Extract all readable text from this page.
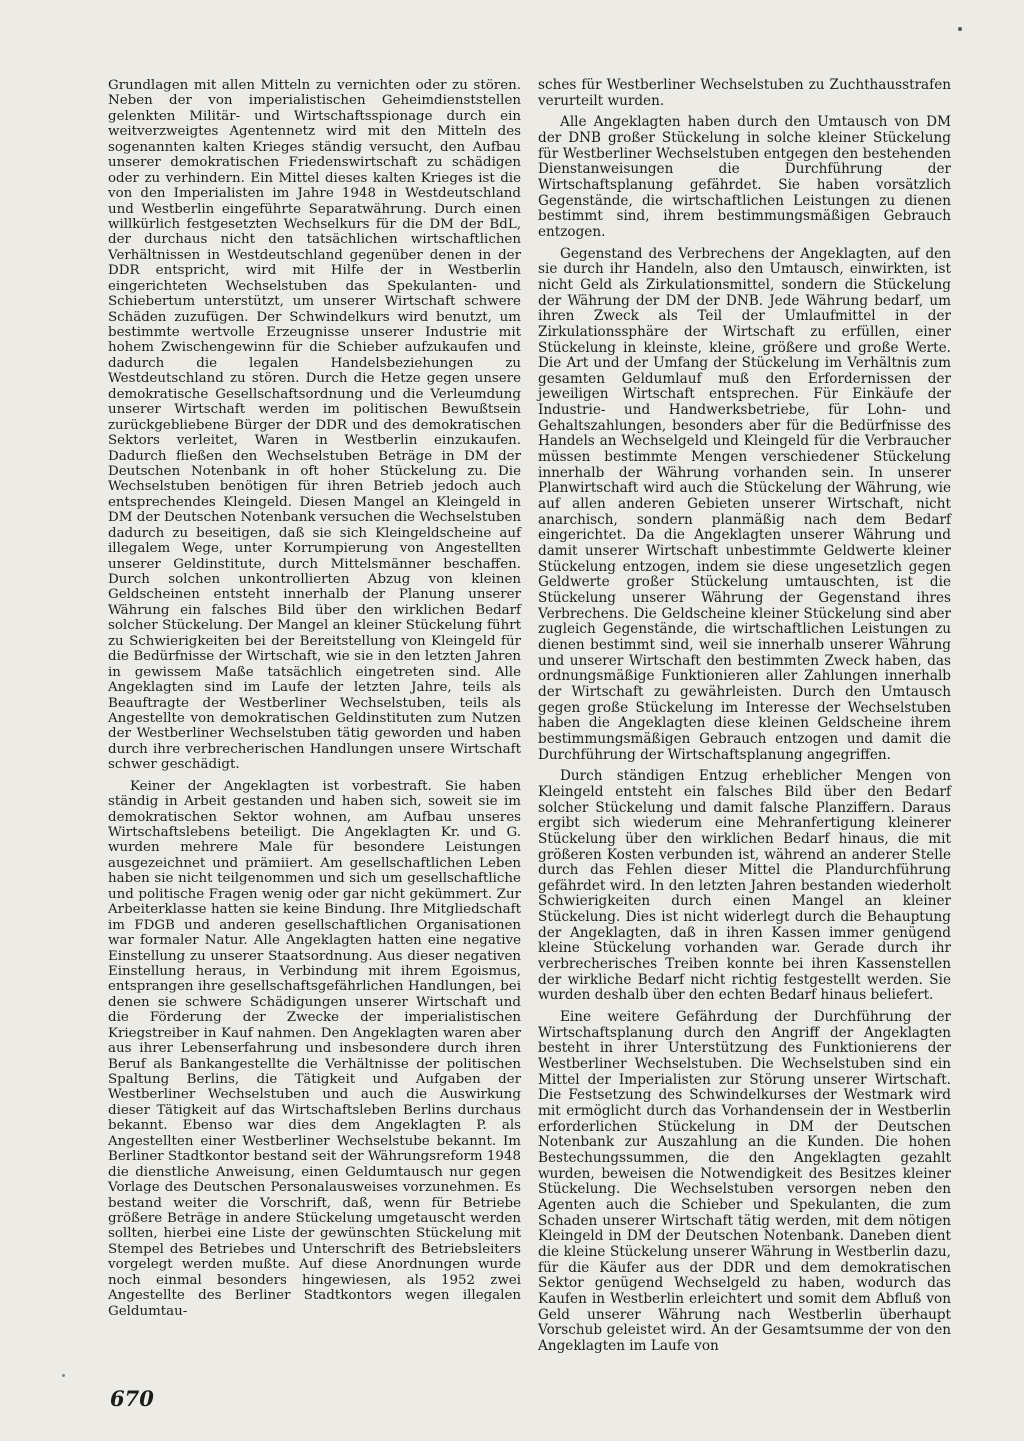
Grundlagen mit allen Mitteln zu vernichten oder zu stören. Neben der von imperialistischen Geheimdienststellen gelenkten Militär- und Wirtschaftsspionage durch ein weitverzweigtes Agentennetz wird mit den Mitteln des sogenannten kalten Krieges ständig versucht, den Aufbau unserer demokratischen Friedenswirtschaft zu schädigen oder zu verhindern. Ein Mittel dieses kalten Krieges ist die von den Imperialisten im Jahre 1948 in Westdeutschland und Westberlin eingeführte Separatwährung. Durch einen willkürlich festgesetzten Wechselkurs für die DM der BdL, der durchaus nicht den tatsächlichen wirtschaftlichen Verhältnissen in Westdeutschland gegenüber denen in der DDR entspricht, wird mit Hilfe der in Westberlin eingerichteten Wechselstuben das Spekulanten- und Schiebertum unterstützt, um unserer Wirtschaft schwere Schäden zuzufügen. Der Schwindelkurs wird benutzt, um bestimmte wertvolle Erzeugnisse unserer Industrie mit hohem Zwischengewinn für die Schieber aufzukaufen und dadurch die legalen Handelsbeziehungen zu Westdeutschland zu stören. Durch die Hetze gegen unsere demokratische Gesellschaftsordnung und die Verleumdung unserer Wirtschaft werden im politischen Bewußtsein zurückgebliebene Bürger der DDR und des demokratischen Sektors verleitet, Waren in Westberlin einzukaufen. Dadurch fließen den Wechselstuben Beträge in DM der Deutschen Notenbank in oft hoher Stückelung zu. Die Wechselstuben benötigen für ihren Betrieb jedoch auch entsprechendes Kleingeld. Diesen Mangel an Kleingeld in DM der Deutschen Notenbank versuchen die Wechselstuben dadurch zu beseitigen, daß sie sich Kleingeldscheine auf illegalem Wege, unter Korrumpierung von Angestellten unserer Geldinstitute, durch Mittelsmänner beschaffen. Durch solchen unkontrollierten Abzug von kleinen Geldscheinen entsteht innerhalb der Planung unserer Währung ein falsches Bild über den wirklichen Bedarf solcher Stückelung. Der Mangel an kleiner Stückelung führt zu Schwierigkeiten bei der Bereitstellung von Kleingeld für die Bedürfnisse der Wirtschaft, wie sie in den letzten Jahren in gewissem Maße tatsächlich eingetreten sind. Alle Angeklagten sind im Laufe der letzten Jahre, teils als Beauftragte der Westberliner Wechselstuben, teils als Angestellte von demokratischen Geldinstituten zum Nutzen der Westberliner Wechselstuben tätig geworden und haben durch ihre verbrecherischen Handlungen unsere Wirtschaft schwer geschädigt.

Keiner der Angeklagten ist vorbestraft. Sie haben ständig in Arbeit gestanden und haben sich, soweit sie im demokratischen Sektor wohnen, am Aufbau unseres Wirtschaftslebens beteiligt. Die Angeklagten Kr. und G. wurden mehrere Male für besondere Leistungen ausgezeichnet und prämiiert. Am gesellschaftlichen Leben haben sie nicht teilgenommen und sich um gesellschaftliche und politische Fragen wenig oder gar nicht gekümmert. Zur Arbeiterklasse hatten sie keine Bindung. Ihre Mitgliedschaft im FDGB und anderen gesellschaftlichen Organisationen war formaler Natur. Alle Angeklagten hatten eine negative Einstellung zu unserer Staatsordnung. Aus dieser negativen Einstellung heraus, in Verbindung mit ihrem Egoismus, entsprangen ihre gesellschaftsgefährlichen Handlungen, bei denen sie schwere Schädigungen unserer Wirtschaft und die Förderung der Zwecke der imperialistischen Kriegstreiber in Kauf nahmen. Den Angeklagten waren aber aus ihrer Lebenserfahrung und insbesondere durch ihren Beruf als Bankangestellte die Verhältnisse der politischen Spaltung Berlins, die Tätigkeit und Aufgaben der Westberliner Wechselstuben und auch die Auswirkung dieser Tätigkeit auf das Wirtschaftsleben Berlins durchaus bekannt. Ebenso war dies dem Angeklagten P. als Angestellten einer Westberliner Wechselstube bekannt. Im Berliner Stadtkontor bestand seit der Währungsreform 1948 die dienstliche Anweisung, einen Geldumtausch nur gegen Vorlage des Deutschen Personalausweises vorzunehmen. Es bestand weiter die Vorschrift, daß, wenn für Betriebe größere Beträge in andere Stückelung umgetauscht werden sollten, hierbei eine Liste der gewünschten Stückelung mit Stempel des Betriebes und Unterschrift des Betriebsleiters vorgelegt werden mußte. Auf diese Anordnungen wurde noch einmal besonders hingewiesen, als 1952 zwei Angestellte des Berliner Stadtkontors wegen illegalen Geldumtau-

sches für Westberliner Wechselstuben zu Zuchthausstrafen verurteilt wurden.

Alle Angeklagten haben durch den Umtausch von DM der DNB großer Stückelung in solche kleiner Stückelung für Westberliner Wechselstuben entgegen den bestehenden Dienstanweisungen die Durchführung der Wirtschaftsplanung gefährdet. Sie haben vorsätzlich Gegenstände, die wirtschaftlichen Leistungen zu dienen bestimmt sind, ihrem bestimmungsmäßigen Gebrauch entzogen.

Gegenstand des Verbrechens der Angeklagten, auf den sie durch ihr Handeln, also den Umtausch, einwirkten, ist nicht Geld als Zirkulationsmittel, sondern die Stückelung der Währung der DM der DNB. Jede Währung bedarf, um ihren Zweck als Teil der Umlaufmittel in der Zirkulationssphäre der Wirtschaft zu erfüllen, einer Stückelung in kleinste, kleine, größere und große Werte. Die Art und der Umfang der Stückelung im Verhältnis zum gesamten Geldumlauf muß den Erfordernissen der jeweiligen Wirtschaft entsprechen. Für Einkäufe der Industrie- und Handwerksbetriebe, für Lohn- und Gehaltszahlungen, besonders aber für die Bedürfnisse des Handels an Wechselgeld und Kleingeld für die Verbraucher müssen bestimmte Mengen verschiedener Stückelung innerhalb der Währung vorhanden sein. In unserer Planwirtschaft wird auch die Stückelung der Währung, wie auf allen anderen Gebieten unserer Wirtschaft, nicht anarchisch, sondern planmäßig nach dem Bedarf eingerichtet. Da die Angeklagten unserer Währung und damit unserer Wirtschaft unbestimmte Geldwerte kleiner Stückelung entzogen, indem sie diese ungesetzlich gegen Geldwerte großer Stückelung umtauschten, ist die Stückelung unserer Währung der Gegenstand ihres Verbrechens. Die Geldscheine kleiner Stückelung sind aber zugleich Gegenstände, die wirtschaftlichen Leistungen zu dienen bestimmt sind, weil sie innerhalb unserer Währung und unserer Wirtschaft den bestimmten Zweck haben, das ordnungsmäßige Funktionieren aller Zahlungen innerhalb der Wirtschaft zu gewährleisten. Durch den Umtausch gegen große Stückelung im Interesse der Wechselstuben haben die Angeklagten diese kleinen Geldscheine ihrem bestimmungsmäßigen Gebrauch entzogen und damit die Durchführung der Wirtschaftsplanung angegriffen.

Durch ständigen Entzug erheblicher Mengen von Kleingeld entsteht ein falsches Bild über den Bedarf solcher Stückelung und damit falsche Planziffern. Daraus ergibt sich wiederum eine Mehranfertigung kleinerer Stückelung über den wirklichen Bedarf hinaus, die mit größeren Kosten verbunden ist, während an anderer Stelle durch das Fehlen dieser Mittel die Plandurchführung gefährdet wird. In den letzten Jahren bestanden wiederholt Schwierigkeiten durch einen Mangel an kleiner Stückelung. Dies ist nicht widerlegt durch die Behauptung der Angeklagten, daß in ihren Kassen immer genügend kleine Stückelung vorhanden war. Gerade durch ihr verbrecherisches Treiben konnte bei ihren Kassenstellen der wirkliche Bedarf nicht richtig festgestellt werden. Sie wurden deshalb über den echten Bedarf hinaus beliefert.

Eine weitere Gefährdung der Durchführung der Wirtschaftsplanung durch den Angriff der Angeklagten besteht in ihrer Unterstützung des Funktionierens der Westberliner Wechselstuben. Die Wechselstuben sind ein Mittel der Imperialisten zur Störung unserer Wirtschaft. Die Festsetzung des Schwindelkurses der Westmark wird mit ermöglicht durch das Vorhandensein der in Westberlin erforderlichen Stückelung in DM der Deutschen Notenbank zur Auszahlung an die Kunden. Die hohen Bestechungssummen, die den Angeklagten gezahlt wurden, beweisen die Notwendigkeit des Besitzes kleiner Stückelung. Die Wechselstuben versorgen neben den Agenten auch die Schieber und Spekulanten, die zum Schaden unserer Wirtschaft tätig werden, mit dem nötigen Kleingeld in DM der Deutschen Notenbank. Daneben dient die kleine Stückelung unserer Währung in Westberlin dazu, für die Käufer aus der DDR und dem demokratischen Sektor genügend Wechselgeld zu haben, wodurch das Kaufen in Westberlin erleichtert und somit dem Abfluß von Geld unserer Währung nach Westberlin überhaupt Vorschub geleistet wird. An der Gesamtsumme der von den Angeklagten im Laufe von

670
